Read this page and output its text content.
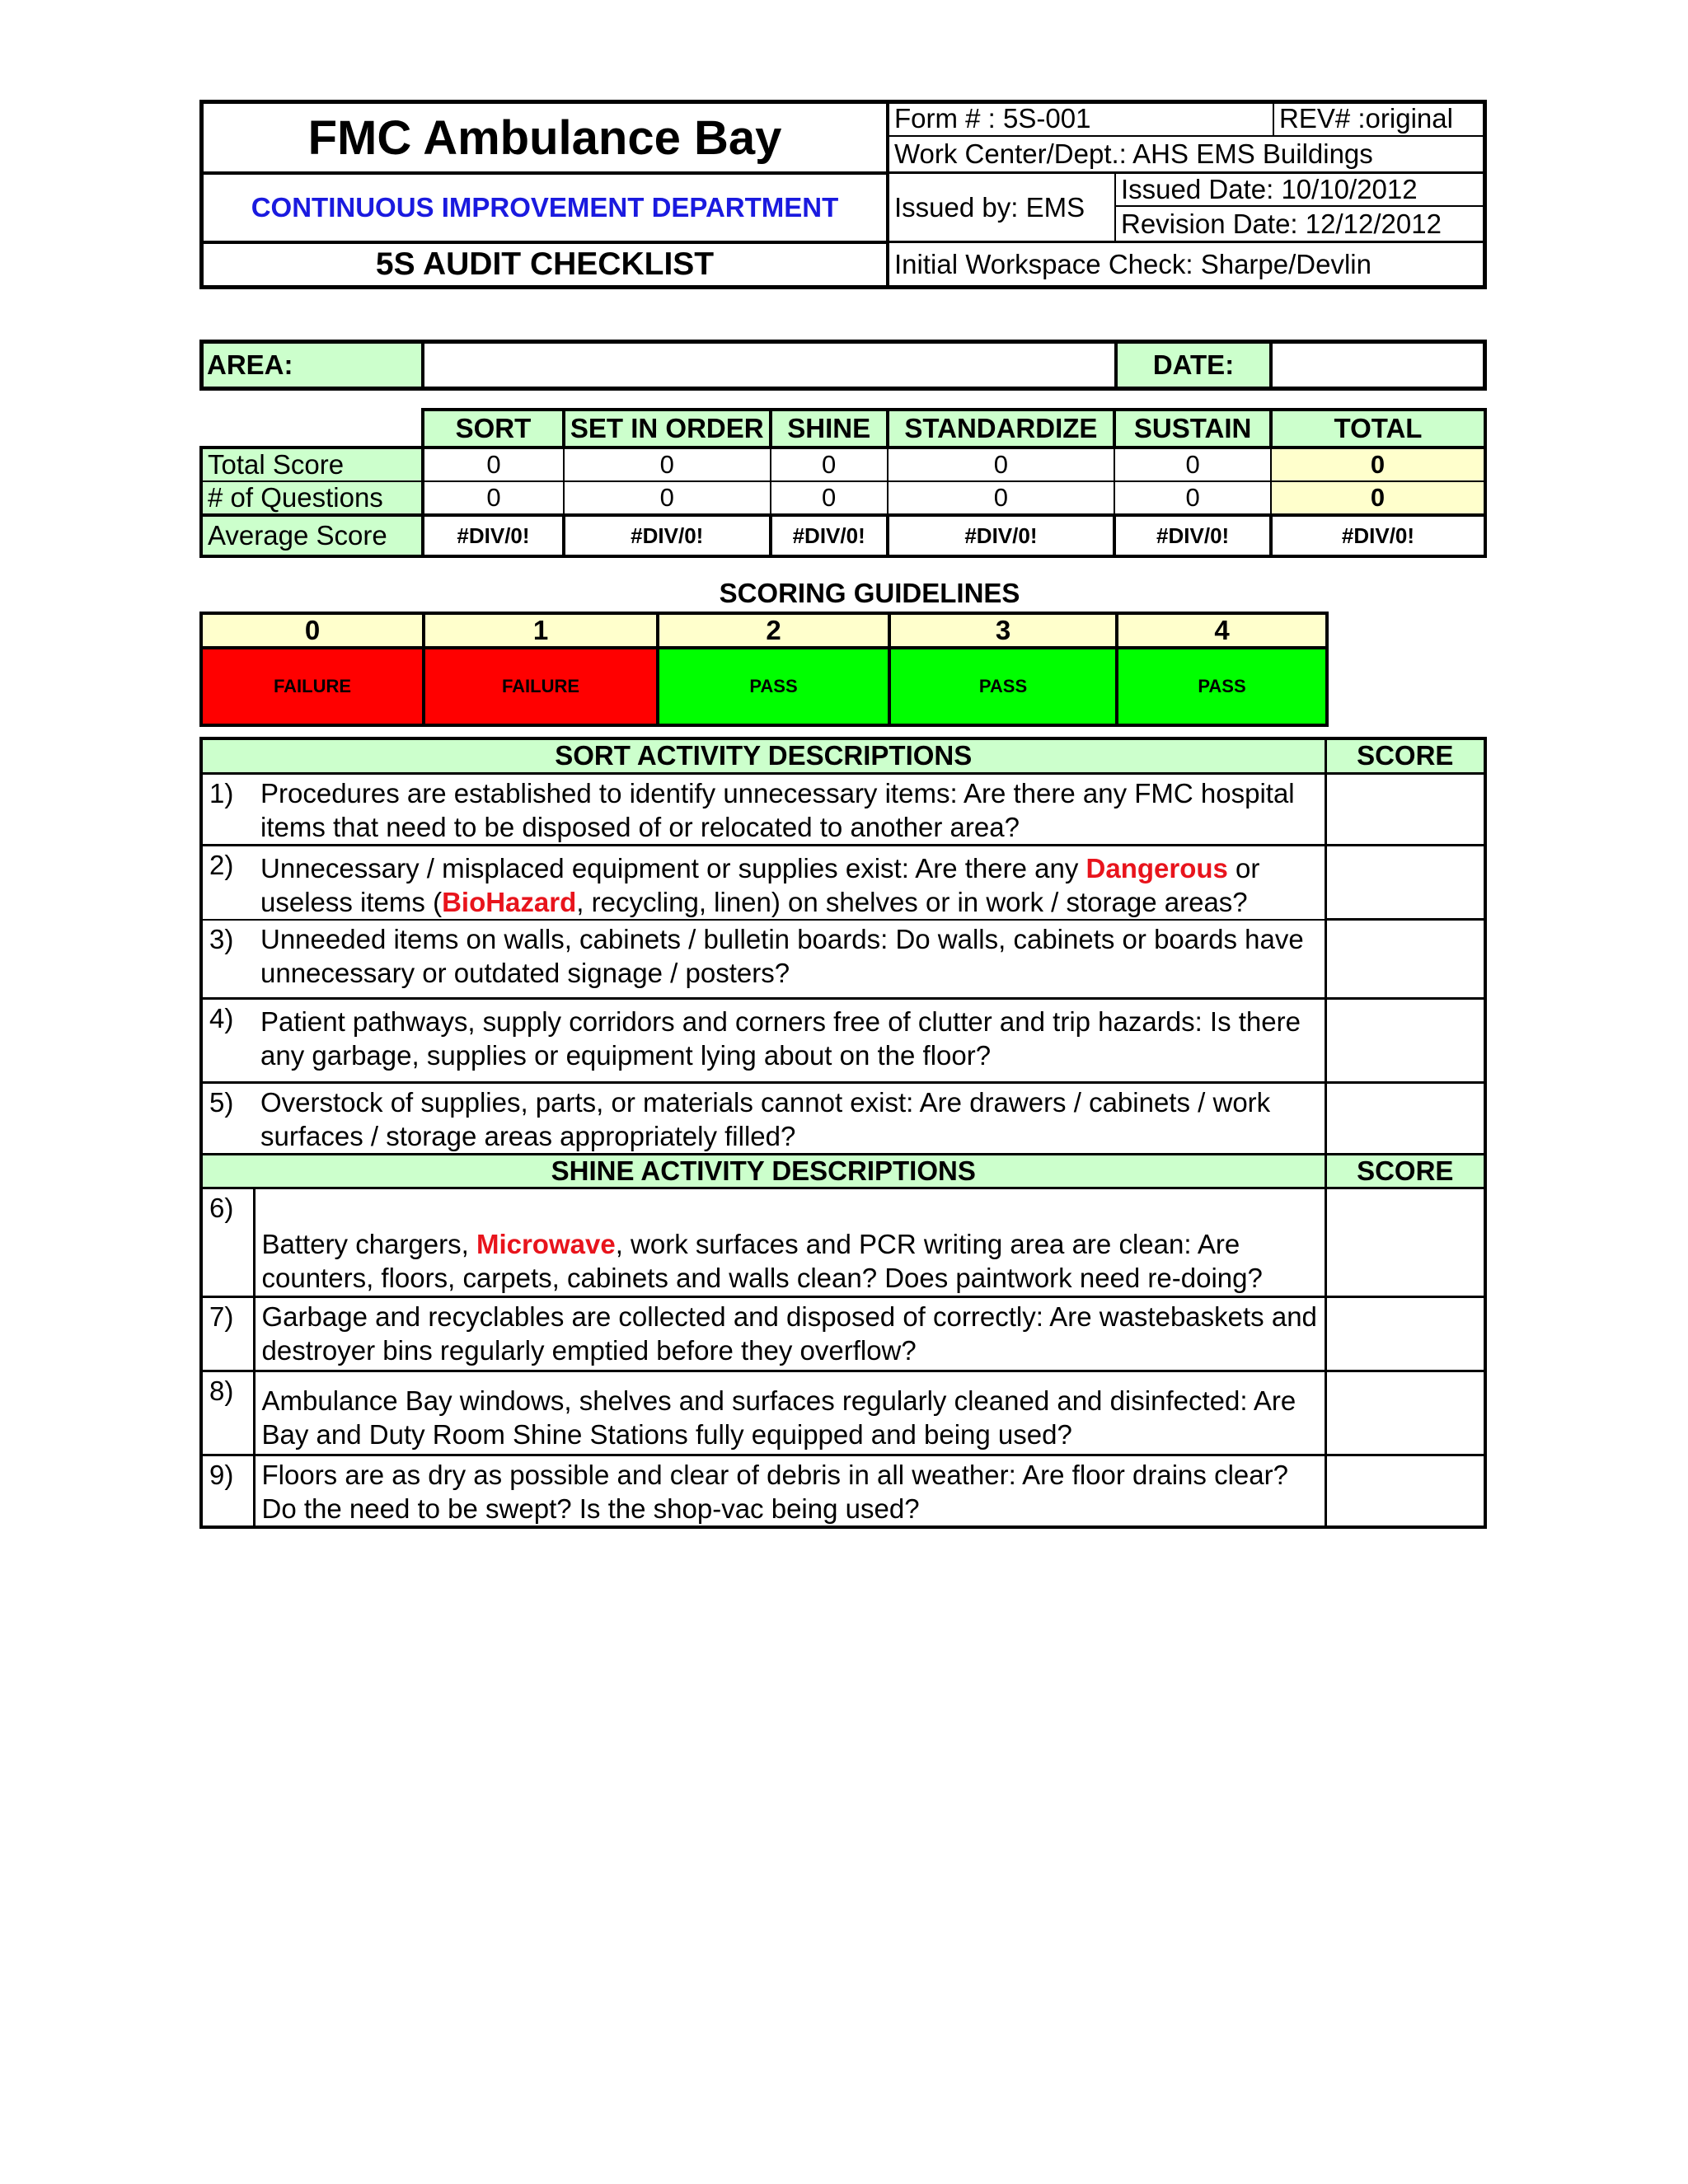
FMC Ambulance Bay
CONTINUOUS IMPROVEMENT DEPARTMENT
5S AUDIT CHECKLIST
Form # : 5S-001	REV# :original
Work Center/Dept.: AHS EMS Buildings
Issued by: EMS
Issued Date: 10/10/2012
Revision Date: 12/12/2012
Initial Workspace Check: Sharpe/Devlin
AREA:	DATE:
	SORT	SET IN ORDER	SHINE	STANDARDIZE	SUSTAIN	TOTAL
Total Score	0	0	0	0	0	0
# of Questions	0	0	0	0	0	0
Average Score	#DIV/0!	#DIV/0!	#DIV/0!	#DIV/0!	#DIV/0!	#DIV/0!
SCORING GUIDELINES
0	1	2	3	4
FAILURE	FAILURE	PASS	PASS	PASS
SORT ACTIVITY DESCRIPTIONS		SCORE
1)	Procedures are established to identify unnecessary items: Are there any FMC hospital items that need to be disposed of or relocated to another area?	
2)	Unnecessary / misplaced equipment or supplies exist: Are there any Dangerous or useless items (BioHazard, recycling, linen) on shelves or in work / storage areas?	
3)	Unneeded items on walls, cabinets / bulletin boards: Do walls, cabinets or boards have unnecessary or outdated signage / posters?	
4)	Patient pathways, supply corridors and corners free of clutter and trip hazards: Is there any garbage, supplies or equipment lying about on the floor?	
5)	Overstock of supplies, parts, or materials cannot exist: Are drawers / cabinets / work surfaces / storage areas appropriately filled?	
SHINE ACTIVITY DESCRIPTIONS		SCORE
6)	Battery chargers, Microwave, work surfaces and PCR writing area are clean: Are counters, floors, carpets, cabinets and walls clean? Does paintwork need re-doing?	
7)	Garbage and recyclables are collected and disposed of correctly: Are wastebaskets and destroyer bins regularly emptied before they overflow?	
8)	Ambulance Bay windows, shelves and surfaces regularly cleaned and disinfected: Are Bay and Duty Room Shine Stations fully equipped and being used?	
9)	Floors are as dry as possible and clear of debris in all weather: Are floor drains clear? Do the need to be swept? Is the shop-vac being used?	
